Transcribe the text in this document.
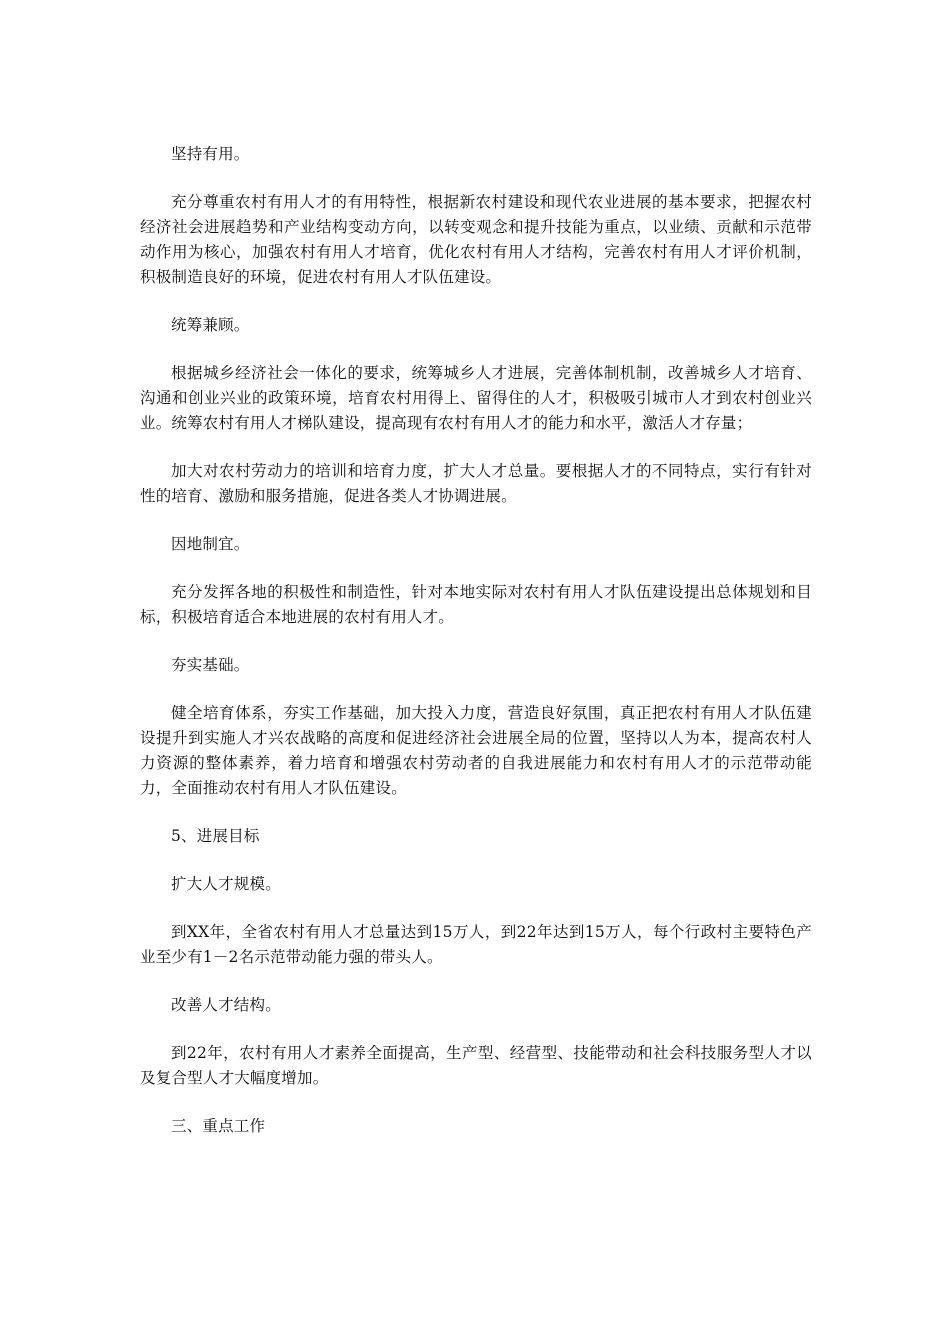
坚持有用。

充分尊重农村有用人才的有用特性，根据新农村建设和现代农业进展的基本要求，把握农村经济社会进展趋势和产业结构变动方向，以转变观念和提升技能为重点，以业绩、贡献和示范带动作用为核心，加强农村有用人才培育，优化农村有用人才结构，完善农村有用人才评价机制，积极制造良好的环境，促进农村有用人才队伍建设。

统筹兼顾。

根据城乡经济社会一体化的要求，统筹城乡人才进展，完善体制机制，改善城乡人才培育、沟通和创业兴业的政策环境，培育农村用得上、留得住的人才，积极吸引城市人才到农村创业兴业。统筹农村有用人才梯队建设，提高现有农村有用人才的能力和水平，激活人才存量；

加大对农村劳动力的培训和培育力度，扩大人才总量。要根据人才的不同特点，实行有针对性的培育、激励和服务措施，促进各类人才协调进展。

因地制宜。

充分发挥各地的积极性和制造性，针对本地实际对农村有用人才队伍建设提出总体规划和目标，积极培育适合本地进展的农村有用人才。

夯实基础。

健全培育体系，夯实工作基础，加大投入力度，营造良好氛围，真正把农村有用人才队伍建设提升到实施人才兴农战略的高度和促进经济社会进展全局的位置，坚持以人为本，提高农村人力资源的整体素养，着力培育和增强农村劳动者的自我进展能力和农村有用人才的示范带动能力，全面推动农村有用人才队伍建设。

5、进展目标

扩大人才规模。

到XX年，全省农村有用人才总量达到15万人，到22年达到15万人，每个行政村主要特色产业至少有1－2名示范带动能力强的带头人。

改善人才结构。

到22年，农村有用人才素养全面提高，生产型、经营型、技能带动和社会科技服务型人才以及复合型人才大幅度增加。

三、重点工作
